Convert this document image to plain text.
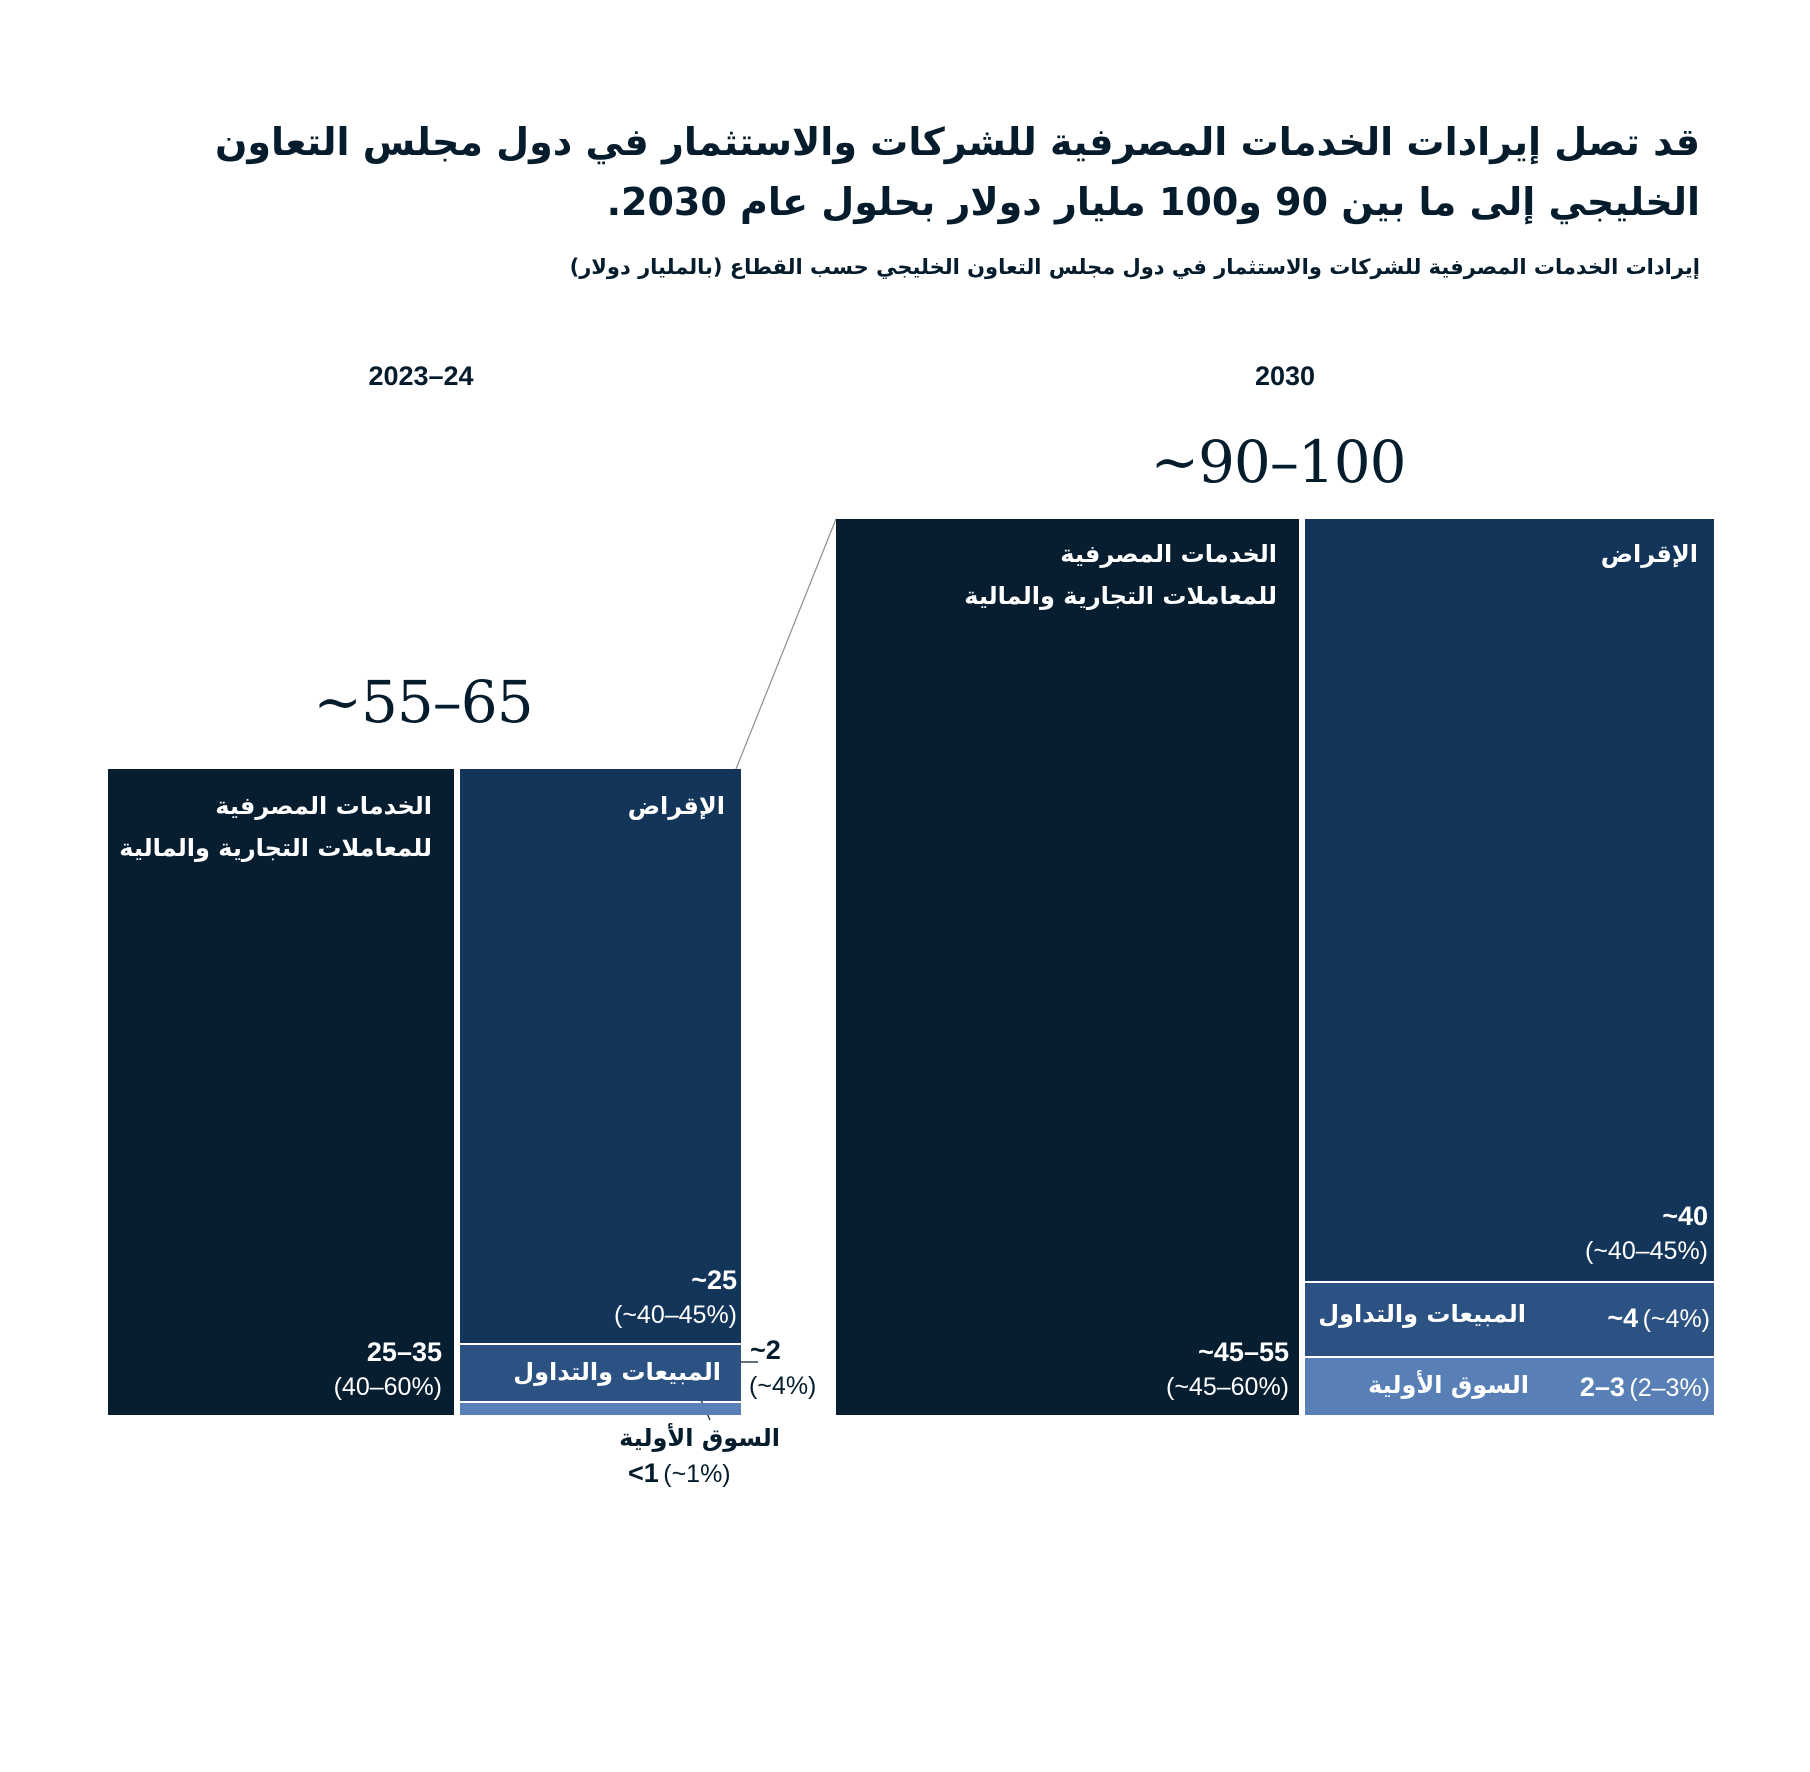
قد تصل إيرادات الخدمات المصرفية للشركات والاستثمار في دول مجلس التعاون الخليجي إلى ما بين 90 و100 مليار دولار بحلول عام 2030.

إيرادات الخدمات المصرفية للشركات والاستثمار في دول مجلس التعاون الخليجي حسب القطاع (بالمليار دولار)

2023–24	2030
~55–65
~90–100
الخدمات المصرفية
للمعاملات التجارية والمالية
25–35
(40–60%)
الإقراض
~25
(~40–45%)
المبيعات والتداول
~2
(~4%)
السوق الأولية
<1 (~1%)
الخدمات المصرفية
للمعاملات التجارية والمالية
~45–55
(~45–60%)
الإقراض
~40
(~40–45%)
المبيعات والتداول	~4 (~4%)
السوق الأولية 2–3 (2–3%)
